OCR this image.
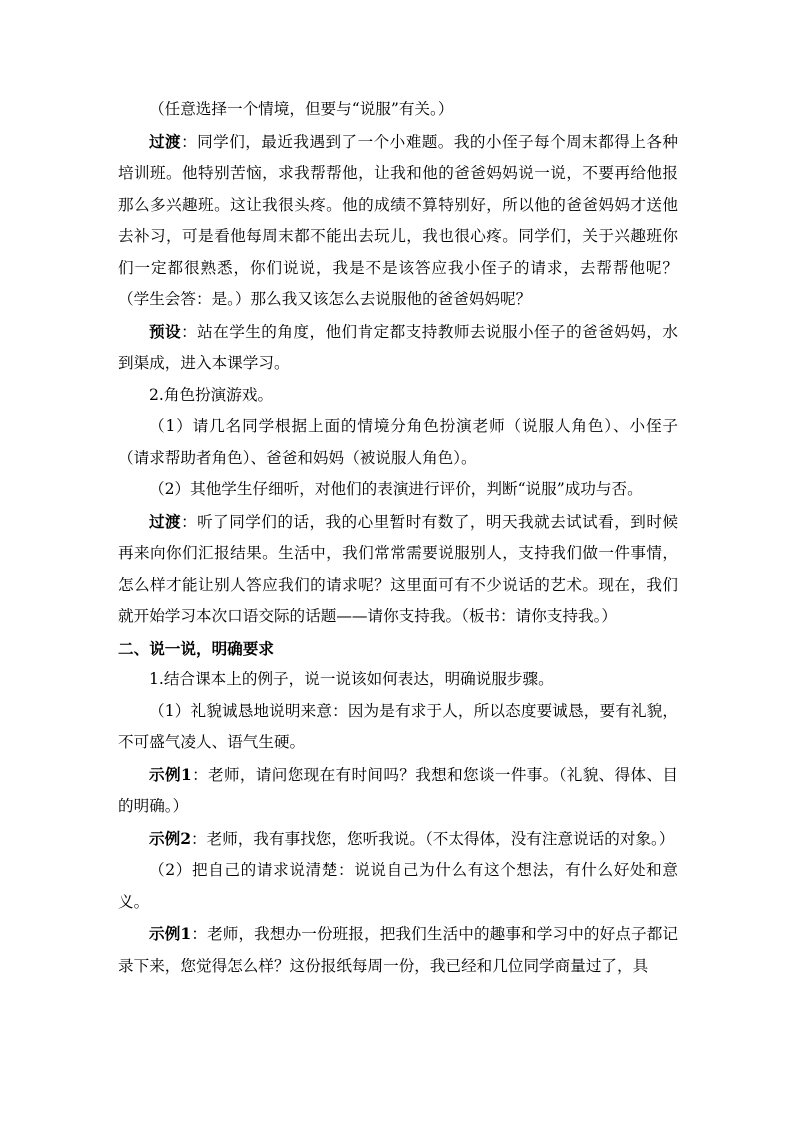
（任意选择一个情境，但要与“说服”有关。）

过渡：同学们，最近我遇到了一个小难题。我的小侄子每个周末都得上各种培训班。他特别苦恼，求我帮帮他，让我和他的爸爸妈妈说一说，不要再给他报那么多兴趣班。这让我很头疼。他的成绩不算特别好，所以他的爸爸妈妈才送他去补习，可是看他每周末都不能出去玩儿，我也很心疼。同学们，关于兴趣班你们一定都很熟悉，你们说说，我是不是该答应我小侄子的请求，去帮帮他呢？（学生会答：是。）那么我又该怎么去说服他的爸爸妈妈呢？

预设：站在学生的角度，他们肯定都支持教师去说服小侄子的爸爸妈妈，水到渠成，进入本课学习。

2.角色扮演游戏。

（1）请几名同学根据上面的情境分角色扮演老师（说服人角色）、小侄子（请求帮助者角色）、爸爸和妈妈（被说服人角色）。

（2）其他学生仔细听，对他们的表演进行评价，判断“说服”成功与否。

过渡：听了同学们的话，我的心里暂时有数了，明天我就去试试看，到时候再来向你们汇报结果。生活中，我们常常需要说服别人，支持我们做一件事情，怎么样才能让别人答应我们的请求呢？这里面可有不少说话的艺术。现在，我们就开始学习本次口语交际的话题——请你支持我。（板书：请你支持我。）

二、说一说，明确要求

1.结合课本上的例子，说一说该如何表达，明确说服步骤。

（1）礼貌诚恳地说明来意：因为是有求于人，所以态度要诚恳，要有礼貌，不可盛气凌人、语气生硬。

示例1：老师，请问您现在有时间吗？我想和您谈一件事。（礼貌、得体、目的明确。）

示例2：老师，我有事找您，您听我说。（不太得体，没有注意说话的对象。）

（2）把自己的请求说清楚：说说自己为什么有这个想法，有什么好处和意义。

示例1：老师，我想办一份班报，把我们生活中的趣事和学习中的好点子都记录下来，您觉得怎么样？这份报纸每周一份，我已经和几位同学商量过了，具
